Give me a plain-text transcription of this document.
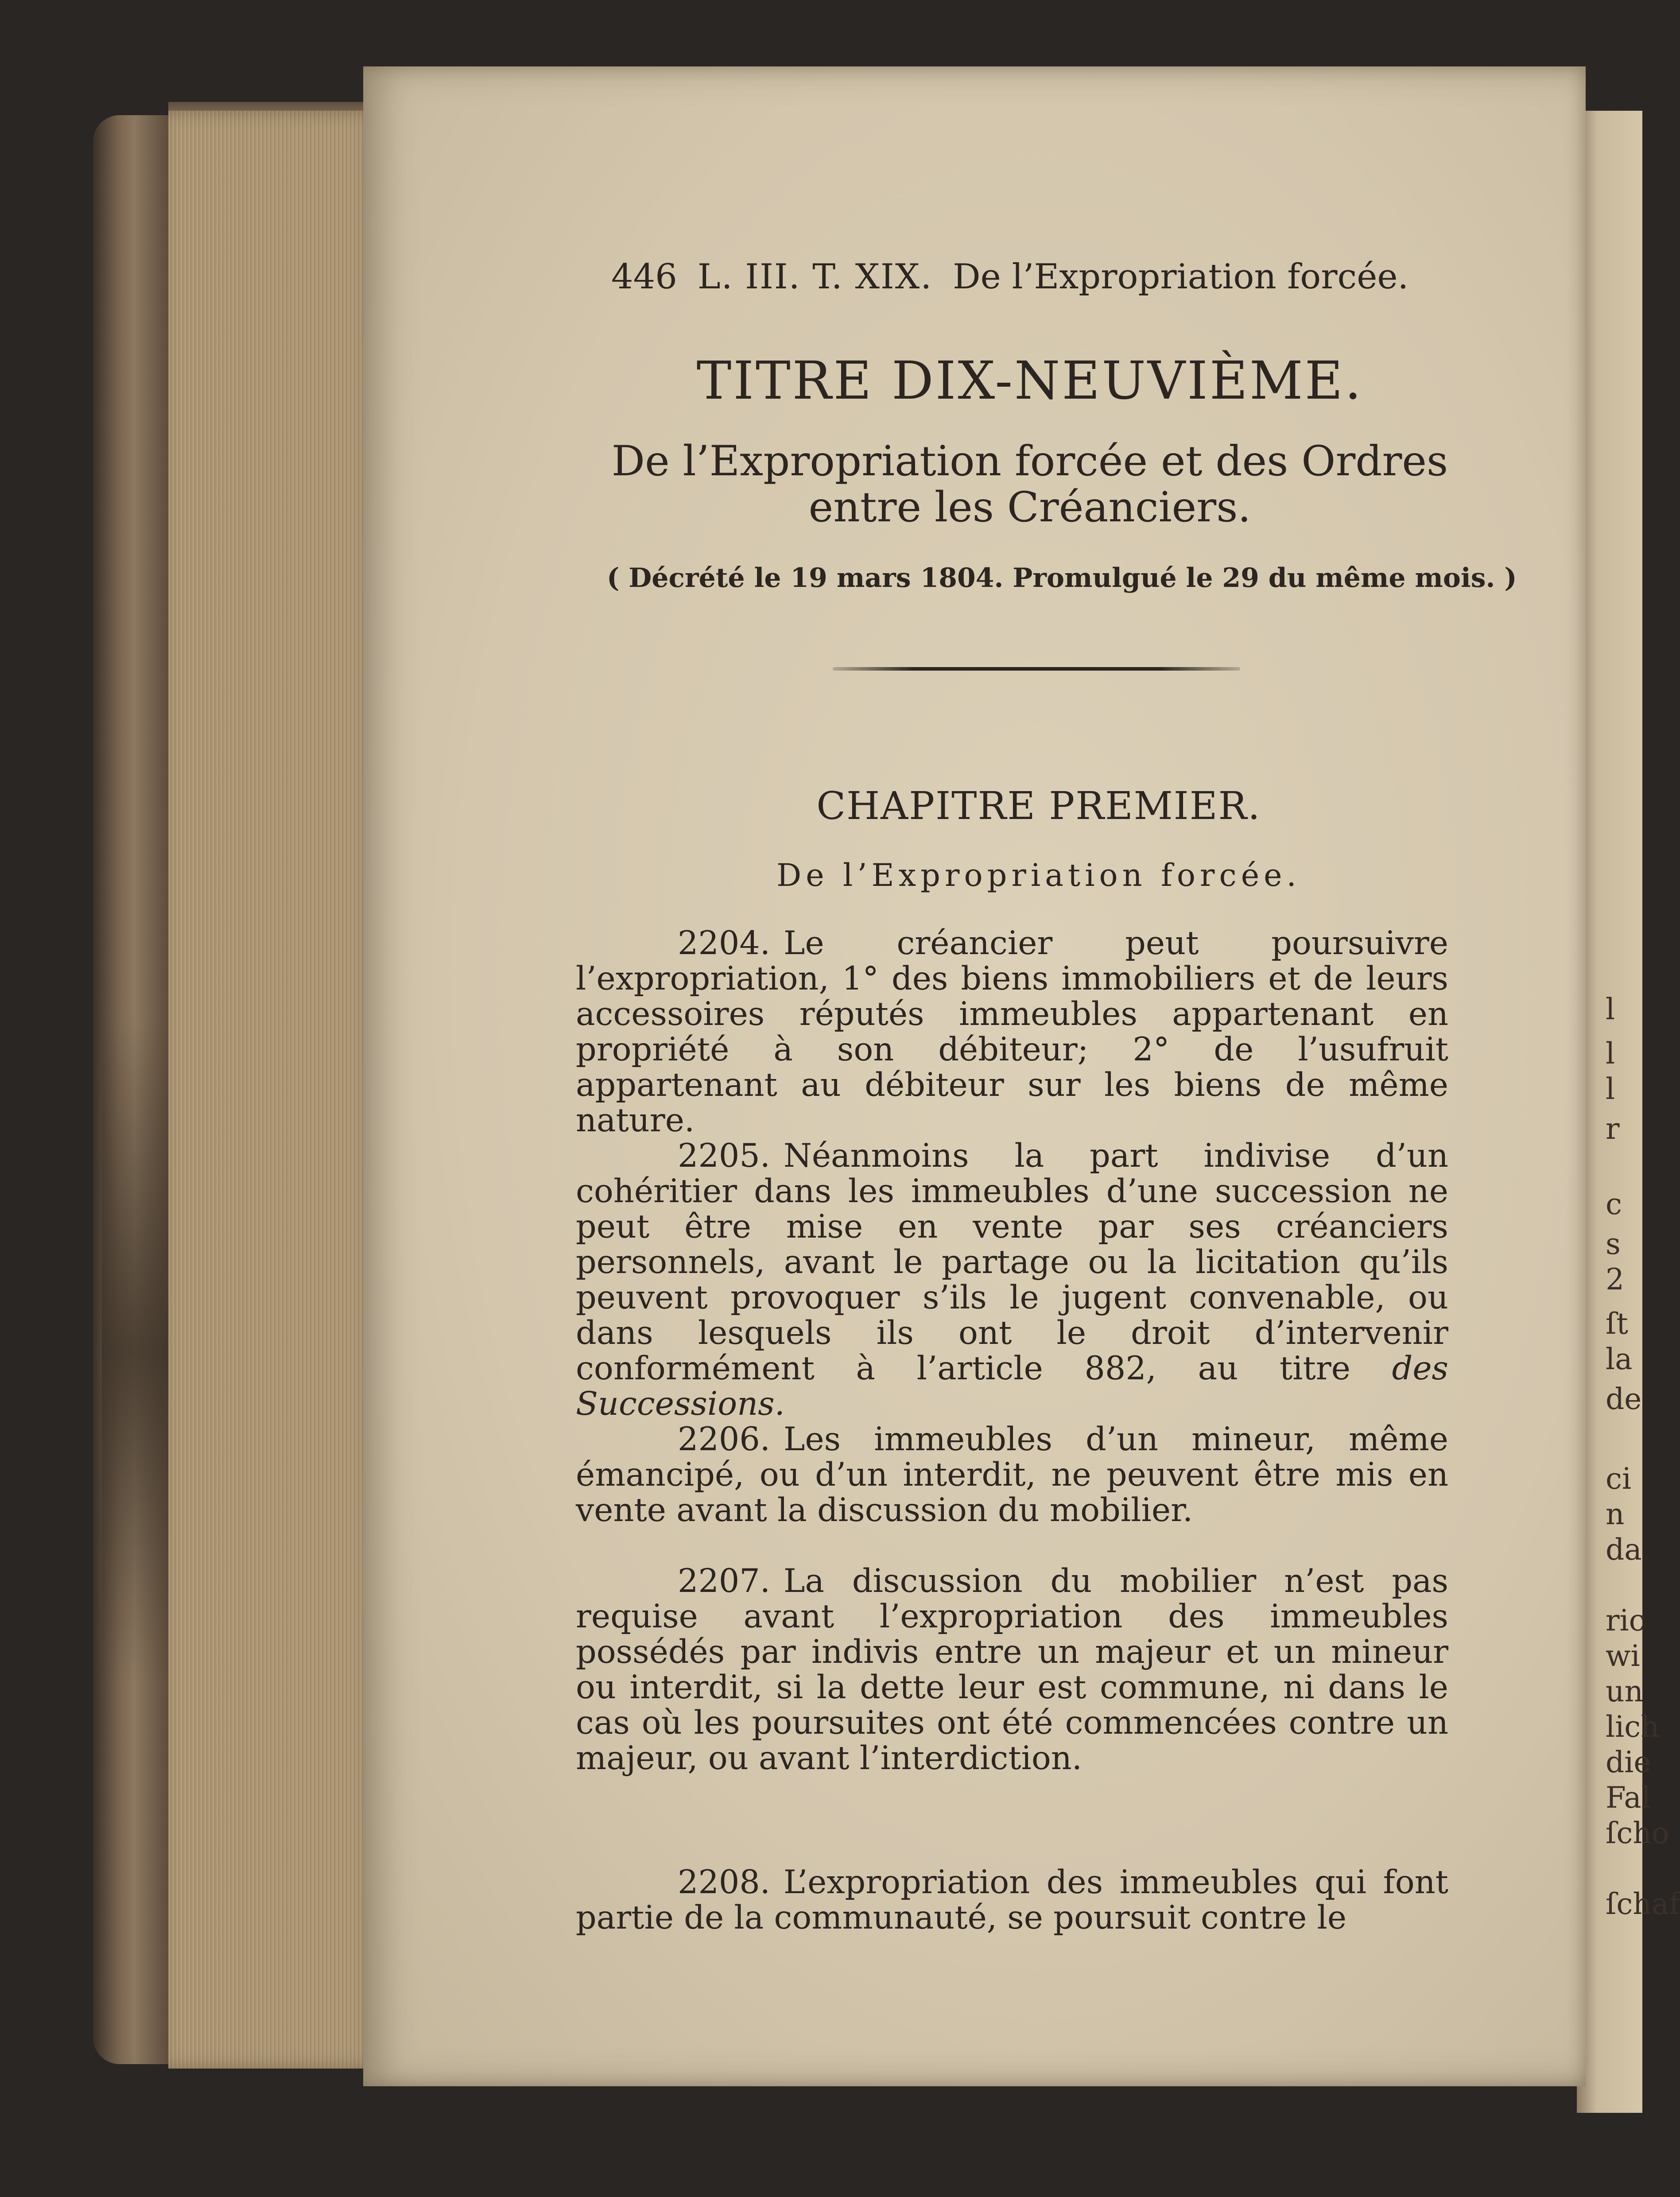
l
l
l
r
c
s
2
ſt
la
de
ci
n
da
ric
wi
un
lich
die
Fal
ſcho
ſchaf
446 L. III. T. XIX. De l’Expropriation forcée.
TITRE DIX-NEUVIÈME.
De l’Expropriation forcée et des Ordres entre les Créanciers.
( Décrété le 19 mars 1804. Promulgué le 29 du même mois. )
CHAPITRE PREMIER.
De l’Expropriation forcée.

2204. Le créancier peut poursuivre l’expropriation, 1° des biens immobiliers et de leurs accessoires réputés immeubles appartenant en propriété à son débiteur; 2° de l’usufruit appartenant au débiteur sur les biens de même nature.

2205. Néanmoins la part indivise d’un cohéritier dans les immeubles d’une succession ne peut être mise en vente par ses créanciers personnels, avant le partage ou la licitation qu’ils peuvent provoquer s’ils le jugent convenable, ou dans lesquels ils ont le droit d’intervenir conformément à l’article 882, au titre des Successions.

2206. Les immeubles d’un mineur, même émancipé, ou d’un interdit, ne peuvent être mis en vente avant la discussion du mobilier.

2207. La discussion du mobilier n’est pas requise avant l’expropriation des immeubles possédés par indivis entre un majeur et un mineur ou interdit, si la dette leur est commune, ni dans le cas où les poursuites ont été commencées contre un majeur, ou avant l’interdiction.

2208. L’expropriation des immeubles qui font partie de la communauté, se poursuit contre le
